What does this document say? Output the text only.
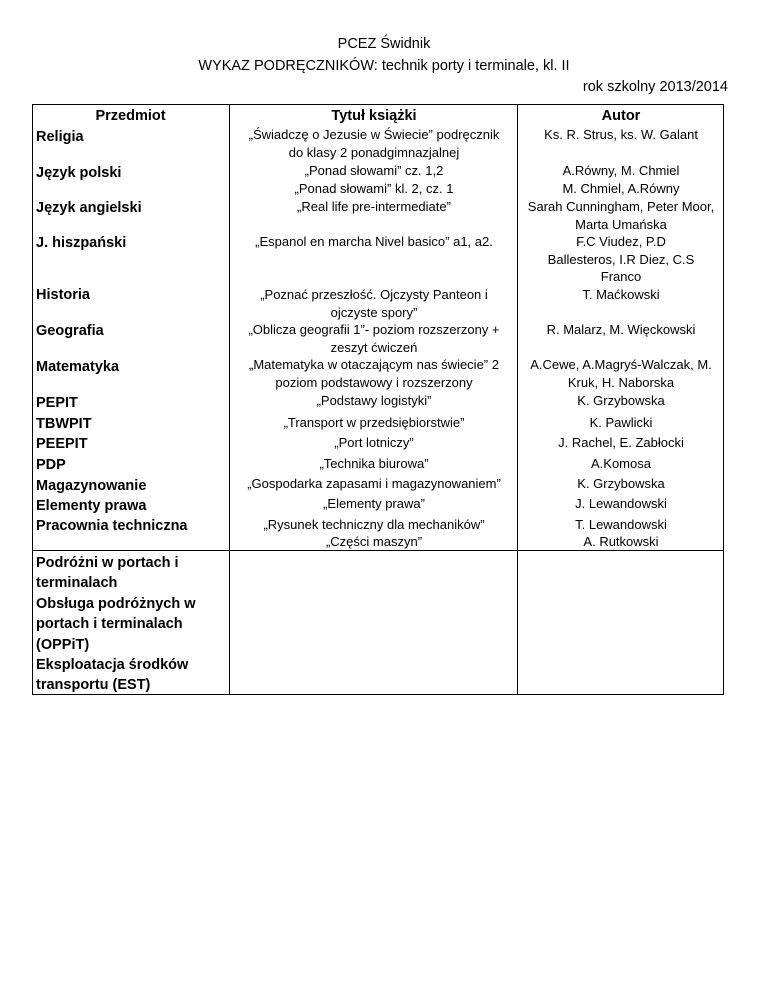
PCEZ Świdnik
WYKAZ PODRĘCZNIKÓW: technik porty i terminale, kl. II
rok szkolny 2013/2014
Przedmiot	Tytuł książki	Autor
Religia
Język polski
Język angielski
J. hiszpański
Historia
Geografia
Matematyka
PEPIT
TBWPIT
PEEPIT
PDP
Magazynowanie
Elementy prawa
Pracownia techniczna
Podróżni w portach i
terminalach
Obsługa podróżnych w
portach i terminalach
(OPPiT)
Eksploatacja środków
transportu (EST)
„Świadczę o Jezusie w Świecie” podręcznik
do klasy 2 ponadgimnazjalnej
„Ponad słowami” cz. 1,2
„Ponad słowami” kl. 2, cz. 1
„Real life pre-intermediate”
„Espanol en marcha Nivel basico” a1, a2.
„Poznać przeszłość. Ojczysty Panteon i
ojczyste spory”
„Oblicza geografii 1”- poziom rozszerzony +
zeszyt ćwiczeń
„Matematyka w otaczającym nas świecie” 2
poziom podstawowy i rozszerzony
„Podstawy logistyki”
„Transport w przedsiębiorstwie”
„Port lotniczy”
„Technika biurowa”
„Gospodarka zapasami i magazynowaniem”
„Elementy prawa”
„Rysunek techniczny dla mechaników”
„Części maszyn”
Ks. R. Strus, ks. W. Galant
A.Równy, M. Chmiel
M. Chmiel, A.Równy
Sarah Cunningham, Peter Moor,
Marta Umańska
F.C Viudez, P.D
Ballesteros, I.R Diez, C.S
Franco
T. Maćkowski
R. Malarz, M. Więckowski
A.Cewe, A.Magryś-Walczak, M.
Kruk, H. Naborska
K. Grzybowska
K. Pawlicki
J. Rachel, E. Zabłocki
A.Komosa
K. Grzybowska
J. Lewandowski
T. Lewandowski
A. Rutkowski
